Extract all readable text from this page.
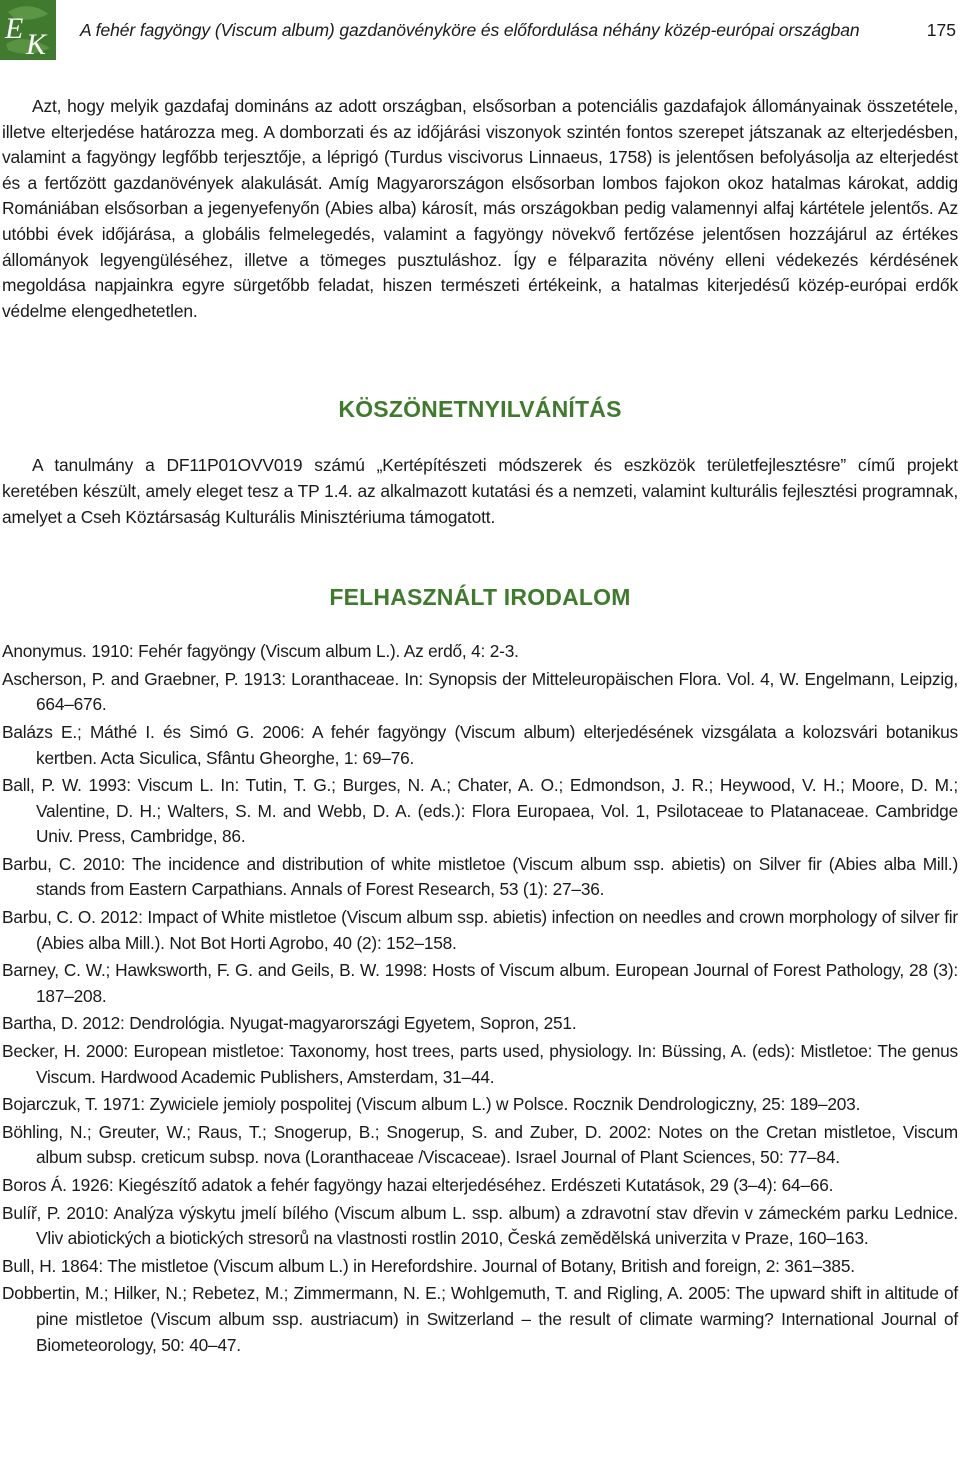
E K A fehér fagyöngy (Viscum album) gazdanövényköre és előfordulása néhány közép-európai országban	175

Azt, hogy melyik gazdafaj domináns az adott országban, elsősorban a potenciális gazdafajok állományainak összetétele, illetve elterjedése határozza meg. A domborzati és az időjárási viszonyok szintén fontos szerepet játszanak az elterjedésben, valamint a fagyöngy legfőbb terjesztője, a léprigó (Turdus viscivorus Linnaeus, 1758) is jelentősen befolyásolja az elterjedést és a fertőzött gazdanövények alakulását. Amíg Magyarországon elsősorban lombos fajokon okoz hatalmas károkat, addig Romániában elsősorban a jegenyefenyőn (Abies alba) károsít, más országokban pedig valamennyi alfaj kártétele jelentős. Az utóbbi évek időjárása, a globális felmelegedés, valamint a fagyöngy növekvő fertőzése jelentősen hozzájárul az értékes állományok legyengüléséhez, illetve a tömeges pusztuláshoz. Így e félparazita növény elleni védekezés kérdésének megoldása napjainkra egyre sürgetőbb feladat, hiszen természeti értékeink, a hatalmas kiterjedésű közép-európai erdők védelme elengedhetetlen.

KÖSZÖNETNYILVÁNÍTÁS

A tanulmány a DF11P01OVV019 számú „Kertépítészeti módszerek és eszközök területfejlesztésre” című projekt keretében készült, amely eleget tesz a TP 1.4. az alkalmazott kutatási és a nemzeti, valamint kulturális fejlesztési programnak, amelyet a Cseh Köztársaság Kulturális Minisztériuma támogatott.

FELHASZNÁLT IRODALOM
Anonymus. 1910: Fehér fagyöngy (Viscum album L.). Az erdő, 4: 2-3.
Ascherson, P. and Graebner, P. 1913: Loranthaceae. In: Synopsis der Mitteleuropäischen Flora. Vol. 4, W. Engelmann, Leipzig, 664–676.
Balázs E.; Máthé I. és Simó G. 2006: A fehér fagyöngy (Viscum album) elterjedésének vizsgálata a kolozsvári botanikus kertben. Acta Siculica, Sfântu Gheorghe, 1: 69–76.
Ball, P. W. 1993: Viscum L. In: Tutin, T. G.; Burges, N. A.; Chater, A. O.; Edmondson, J. R.; Heywood, V. H.; Moore, D. M.; Valentine, D. H.; Walters, S. M. and Webb, D. A. (eds.): Flora Europaea, Vol. 1, Psilotaceae to Platanaceae. Cambridge Univ. Press, Cambridge, 86.
Barbu, C. 2010: The incidence and distribution of white mistletoe (Viscum album ssp. abietis) on Silver fir (Abies alba Mill.) stands from Eastern Carpathians. Annals of Forest Research, 53 (1): 27–36.
Barbu, C. O. 2012: Impact of White mistletoe (Viscum album ssp. abietis) infection on needles and crown morphology of silver fir (Abies alba Mill.). Not Bot Horti Agrobo, 40 (2): 152–158.
Barney, C. W.; Hawksworth, F. G. and Geils, B. W. 1998: Hosts of Viscum album. European Journal of Forest Pathology, 28 (3): 187–208.
Bartha, D. 2012: Dendrológia. Nyugat-magyarországi Egyetem, Sopron, 251.
Becker, H. 2000: European mistletoe: Taxonomy, host trees, parts used, physiology. In: Büssing, A. (eds): Mistletoe: The genus Viscum. Hardwood Academic Publishers, Amsterdam, 31–44.
Bojarczuk, T. 1971: Zywiciele jemioly pospolitej (Viscum album L.) w Polsce. Rocznik Dendrologiczny, 25: 189–203.
Böhling, N.; Greuter, W.; Raus, T.; Snogerup, B.; Snogerup, S. and Zuber, D. 2002: Notes on the Cretan mistletoe, Viscum album subsp. creticum subsp. nova (Loranthaceae /Viscaceae). Israel Journal of Plant Sciences, 50: 77–84.
Boros Á. 1926: Kiegészítő adatok a fehér fagyöngy hazai elterjedéséhez. Erdészeti Kutatások, 29 (3–4): 64–66.
Bulíř, P. 2010: Analýza výskytu jmelí bílého (Viscum album L. ssp. album) a zdravotní stav dřevin v zámeckém parku Lednice. Vliv abiotických a biotických stresorů na vlastnosti rostlin 2010, Česká zemědělská univerzita v Praze, 160–163.
Bull, H. 1864: The mistletoe (Viscum album L.) in Herefordshire. Journal of Botany, British and foreign, 2: 361–385.
Dobbertin, M.; Hilker, N.; Rebetez, M.; Zimmermann, N. E.; Wohlgemuth, T. and Rigling, A. 2005: The upward shift in altitude of pine mistletoe (Viscum album ssp. austriacum) in Switzerland – the result of climate warming? International Journal of Biometeorology, 50: 40–47.
